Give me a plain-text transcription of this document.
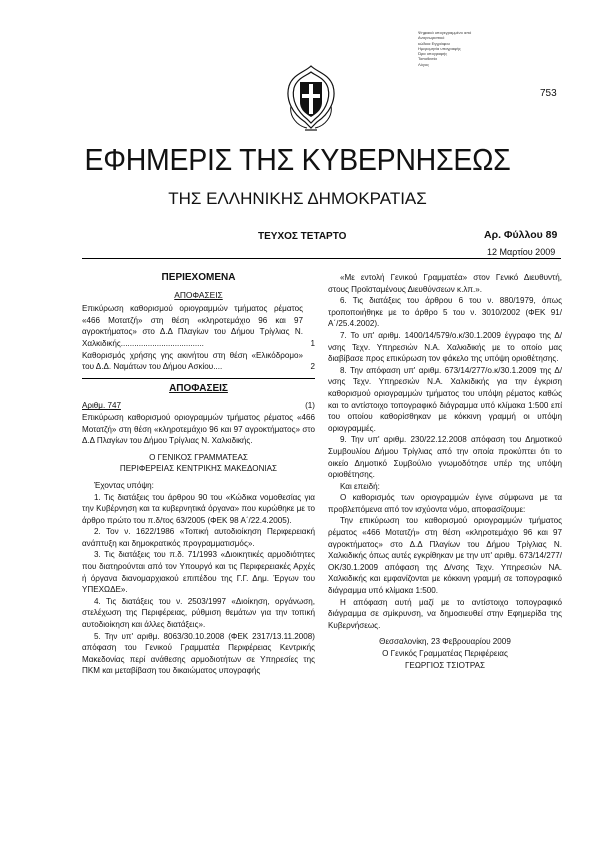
Ψηφιακά υπογεγραμμένο από
Αναγνωριστικό
κώδικα Εγγράφου
Ημερομηνία υπογραφής
Ώρα υπογραφής
Τοποθεσία
Λόγος
753
ΕΦΗΜΕΡΙΣ ΤΗΣ ΚΥΒΕΡΝΗΣΕΩΣ
ΤΗΣ ΕΛΛΗΝΙΚΗΣ ΔΗΜΟΚΡΑΤΙΑΣ
ΤΕΥΧΟΣ ΤΕΤΑΡΤΟ	Αρ. Φύλλου 89
12 Μαρτίου 2009
ΠΕΡΙΕΧΟΜΕΝΑ
ΑΠΟΦΑΣΕΙΣ

Επικύρωση καθορισμού οριογραμμών τμήματος ρέματος «466 Μοτατζή» στη θέση «κληροτεμάχιο 96 και 97 αγροκτήματος» στο Δ.Δ Πλαγίων του Δήμου Τρίγλιας Ν. Χαλκιδικής.....................................	1

Καθορισμός χρήσης γης ακινήτου στη θέση «Ελικόδρομο» του Δ.Δ. Ναμάτων του Δήμου Ασκίου....	2
ΑΠΟΦΑΣΕΙΣ
Αριθμ. 747	(1)

Επικύρωση καθορισμού οριογραμμών τμήματος ρέματος «466 Μοτατζή» στη θέση «κληροτεμάχιο 96 και 97 αγροκτήματος» στο Δ.Δ Πλαγίων του Δήμου Τρίγλιας Ν. Χαλκιδικής.

Ο ΓΕΝΙΚΟΣ ΓΡΑΜΜΑΤΕΑΣ
ΠΕΡΙΦΕΡΕΙΑΣ ΚΕΝΤΡΙΚΗΣ ΜΑΚΕΔΟΝΙΑΣ

Έχοντας υπόψη:

1. Τις διατάξεις του άρθρου 90 του «Κώδικα νομοθεσίας για την Κυβέρνηση και τα κυβερνητικά όργανα» που κυρώθηκε με το άρθρο πρώτο του π.δ/τος 63/2005 (ΦΕΚ 98 Α΄/22.4.2005).

2. Τον ν. 1622/1986 «Τοπική αυτοδιοίκηση Περιφερειακή ανάπτυξη και δημοκρατικός προγραμματισμός».

3. Τις διατάξεις του π.δ. 71/1993 «Διοικητικές αρμοδιότητες που διατηρούνται από τον Υπουργό και τις Περιφερειακές Αρχές ή όργανα διανομαρχιακού επιπέδου της Γ.Γ. Δημ. Έργων του ΥΠΕΧΩΔΕ».

4. Τις διατάξεις του ν. 2503/1997 «Διοίκηση, οργάνωση, στελέχωση της Περιφέρειας, ρύθμιση θεμάτων για την τοπική αυτοδιοίκηση και άλλες διατάξεις».

5. Την υπ' αριθμ. 8063/30.10.2008 (ΦΕΚ 2317/13.11.2008) απόφαση του Γενικού Γραμματέα Περιφέρειας Κεντρικής Μακεδονίας περί ανάθεσης αρμοδιοτήτων σε Υπηρεσίες της ΠΚΜ και μεταβίβαση του δικαιώματος υπογραφής

«Με εντολή Γενικού Γραμματέα» στον Γενικό Διευθυντή, στους Προϊσταμένους Διευθύνσεων κ.λπ.».

6. Τις διατάξεις του άρθρου 6 του ν. 880/1979, όπως τροποποιήθηκε με το άρθρο 5 του ν. 3010/2002 (ΦΕΚ 91/Α΄/25.4.2002).

7. Το υπ' αριθμ. 1400/14/579/ο.κ/30.1.2009 έγγραφο της Δ/νσης Τεχν. Υπηρεσιών Ν.Α. Χαλκιδικής με το οποίο μας διαβίβασε προς επικύρωση τον φάκελο της υπόψη οριοθέτησης.

8. Την απόφαση υπ' αριθμ. 673/14/277/ο.κ/30.1.2009 της Δ/νσης Τεχν. Υπηρεσιών Ν.Α. Χαλκιδικής για την έγκριση καθορισμού οριογραμμών τμήματος του υπόψη ρέματος καθώς και το αντίστοιχο τοπογραφικό διάγραμμα υπό κλίμακα 1:500 επί του οποίου καθορίσθηκαν με κόκκινη γραμμή οι υπόψη οριογραμμές.

9. Την υπ' αριθμ. 230/22.12.2008 απόφαση του Δημοτικού Συμβουλίου Δήμου Τρίγλιας από την οποία προκύπτει ότι το οικείο Δημοτικό Συμβούλιο γνωμοδότησε υπέρ της υπόψη οριοθέτησης.

Και επειδή:

Ο καθορισμός των οριογραμμών έγινε σύμφωνα με τα προβλεπόμενα από τον ισχύοντα νόμο, αποφασίζουμε:

Την επικύρωση του καθορισμού οριογραμμών τμήματος ρέματος «466 Μοτατζή» στη θέση «κληροτεμάχιο 96 και 97 αγροκτήματος» στο Δ.Δ Πλαγίων του Δήμου Τρίγλιας Ν. Χαλκιδικής όπως αυτές εγκρίθηκαν με την υπ' αριθμ. 673/14/277/ΟΚ/30.1.2009 απόφαση της Δ/νσης Τεχν. Υπηρεσιών ΝΑ. Χαλκιδικής και εμφανίζονται με κόκκινη γραμμή σε τοπογραφικό διάγραμμα υπό κλίμακα 1:500.

Η απόφαση αυτή μαζί με το αντίστοιχο τοπογραφικό διάγραμμα σε σμίκρυνση, να δημοσιευθεί στην Εφημερίδα της Κυβερνήσεως.

Θεσσαλονίκη, 23 Φεβρουαρίου 2009
Ο Γενικός Γραμματέας Περιφέρειας
ΓΕΩΡΓΙΟΣ ΤΣΙΟΤΡΑΣ
